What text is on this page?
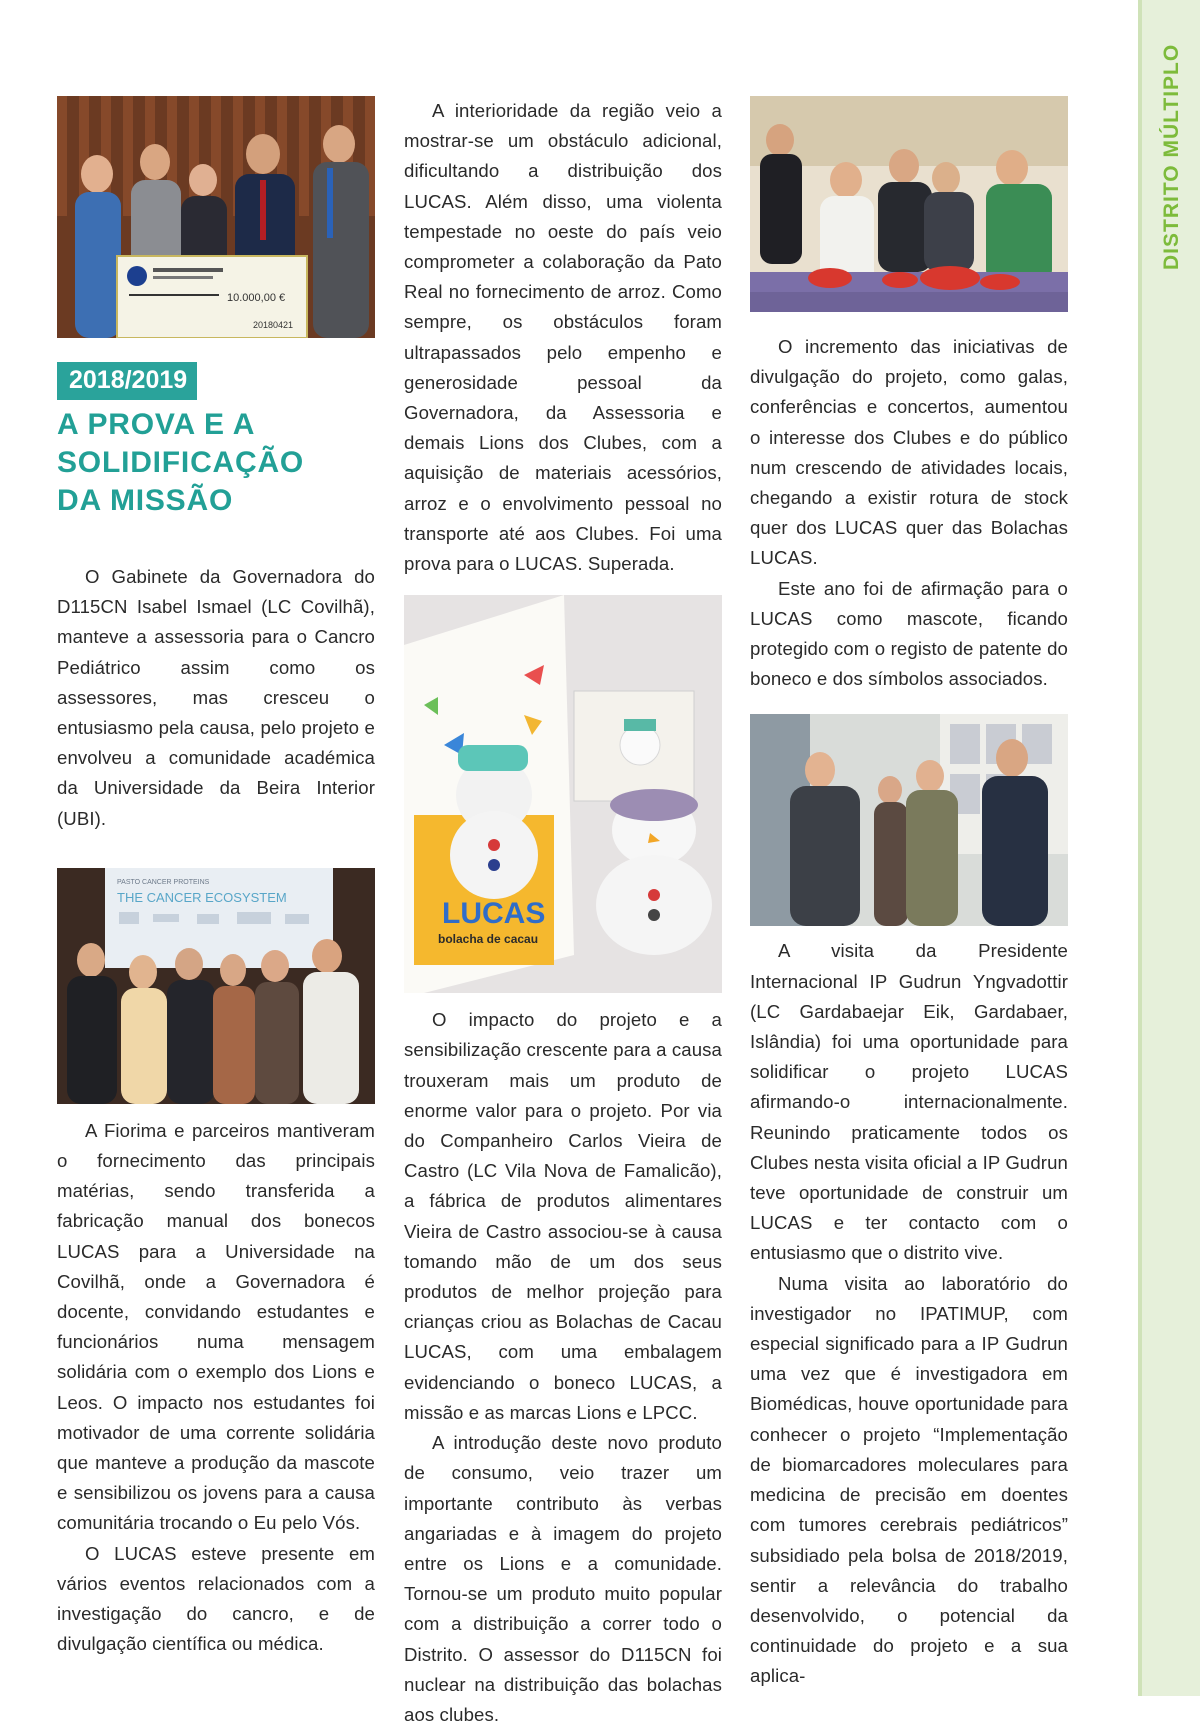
DISTRITO MÚLTIPLO
10.000,00 €
20180421
2018/2019
A PROVA E A
SOLIDIFICAÇÃO
DA MISSÃO

O Gabinete da Governadora do D115CN Isabel Ismael (LC Covilhã), manteve a assessoria para o Cancro Pediátrico assim como os assessores, mas cresceu o entusiasmo pela causa, pelo projeto e envolveu a comunidade académica da Universidade da Beira Interior (UBI).

PASTO CANCER PROTEINS
THE CANCER ECOSYSTEM

A Fiorima e parceiros mantiveram o fornecimento das principais matérias, sendo transferida a fabricação manual dos bonecos LUCAS para a Universidade na Covilhã, onde a Governadora é docente, convidando estudantes e funcionários numa mensagem solidária com o exemplo dos Lions e Leos. O impacto nos estudantes foi motivador de uma corrente solidária que manteve a produção da mascote e sensibilizou os jovens para a causa comunitária trocando o Eu pelo Vós.

O LUCAS esteve presente em vários eventos relacionados com a investigação do cancro, e de divulgação científica ou médica.

A interioridade da região veio a mostrar-se um obstáculo adicional, dificultando a distribuição dos LUCAS. Além disso, uma violenta tempestade no oeste do país veio comprometer a colaboração da Pato Real no fornecimento de arroz. Como sempre, os obstáculos foram ultrapassados pelo empenho e generosidade pessoal da Governadora, da Assessoria e demais Lions dos Clubes, com a aquisição de materiais acessórios, arroz e o envolvimento pessoal no transporte até aos Clubes. Foi uma prova para o LUCAS. Superada.

LUCAS
bolacha de cacau

O impacto do projeto e a sensibilização crescente para a causa trouxeram mais um produto de enorme valor para o projeto. Por via do Companheiro Carlos Vieira de Castro (LC Vila Nova de Famalicão), a fábrica de produtos alimentares Vieira de Castro associou-se à causa tomando mão de um dos seus produtos de melhor projeção para crianças criou as Bolachas de Cacau LUCAS, com uma embalagem evidenciando o boneco LUCAS, a missão e as marcas Lions e LPCC.

A introdução deste novo produto de consumo, veio trazer um importante contributo às verbas angariadas e à imagem do projeto entre os Lions e a comunidade. Tornou-se um produto muito popular com a distribuição a correr todo o Distrito. O assessor do D115CN foi nuclear na distribuição das bolachas aos clubes.

O incremento das iniciativas de divulgação do projeto, como galas, conferências e concertos, aumentou o interesse dos Clubes e do público num crescendo de atividades locais, chegando a existir rotura de stock quer dos LUCAS quer das Bolachas LUCAS.

Este ano foi de afirmação para o LUCAS como mascote, ficando protegido com o registo de patente do boneco e dos símbolos associados.

A visita da Presidente Internacional IP Gudrun Yngvadottir (LC Gardabaejar Eik, Gardabaer, Islândia) foi uma oportunidade para solidificar o projeto LUCAS afirmando-o internacionalmente. Reunindo praticamente todos os Clubes nesta visita oficial a IP Gudrun teve oportunidade de construir um LUCAS e ter contacto com o entusiasmo que o distrito vive.

Numa visita ao laboratório do investigador no IPATIMUP, com especial significado para a IP Gudrun uma vez que é investigadora em Biomédicas, houve oportunidade para conhecer o projeto “Implementação de biomarcadores moleculares para medicina de precisão em doentes com tumores cerebrais pediátricos” subsidiado pela bolsa de 2018/2019, sentir a relevância do trabalho desenvolvido, o potencial da continuidade do projeto e a sua aplica-
